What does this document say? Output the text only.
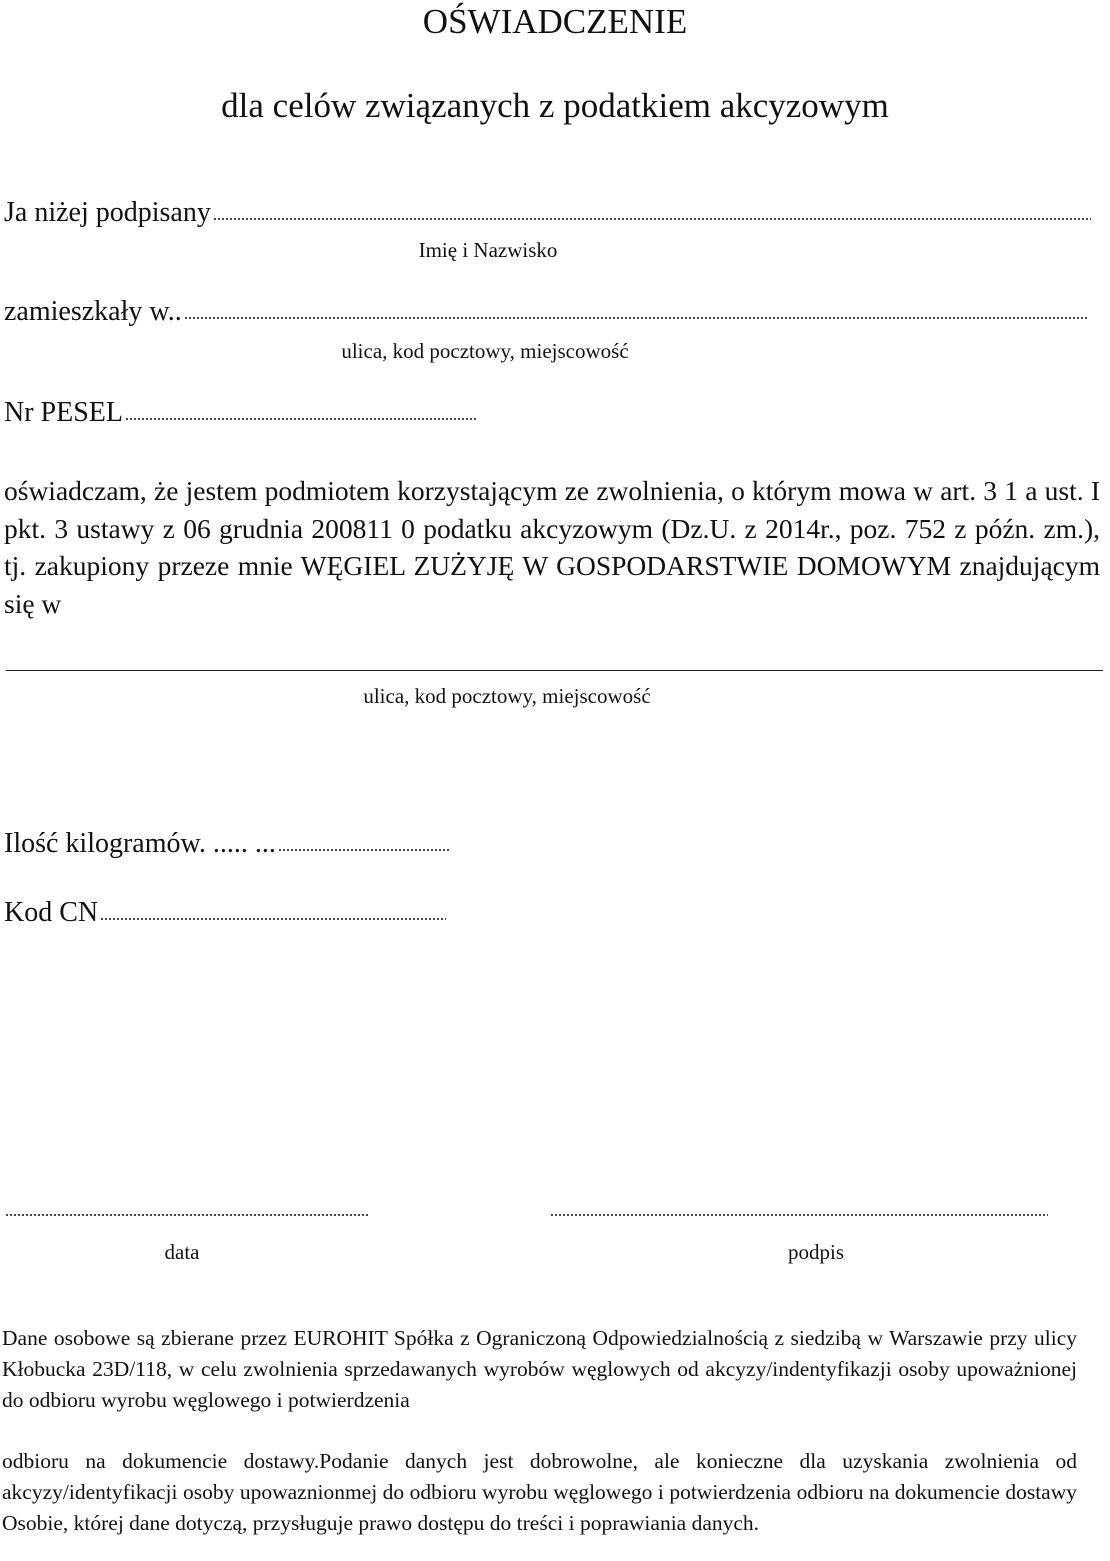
OŚWIADCZENIE
dla celów związanych z podatkiem akcyzowym
Ja niżej podpisany
Imię i Nazwisko
zamieszkały w..
ulica, kod pocztowy, miejscowość
Nr PESEL
oświadczam, że jestem podmiotem korzystającym ze zwolnienia, o którym mowa w art. 3 1 a ust. I pkt. 3 ustawy z 06 grudnia 200811 0 podatku akcyzowym (Dz.U. z 2014r., poz. 752 z późn. zm.), tj. zakupiony przeze mnie WĘGIEL ZUŻYJĘ W GOSPODARSTWIE DOMOWYM znajdującym się w
ulica, kod pocztowy, miejscowość
Ilość kilogramów. ..... ...
Kod CN
data	podpis
Dane osobowe są zbierane przez EUROHIT Spółka z Ograniczoną Odpowiedzialnością z siedzibą w Warszawie przy ulicy Kłobucka 23D/118, w celu zwolnienia sprzedawanych wyrobów węglowych od akcyzy/indentyfikazji osoby upoważnionej do odbioru wyrobu węglowego i potwierdzenia
odbioru na dokumencie dostawy.Podanie danych jest dobrowolne, ale konieczne dla uzyskania zwolnienia od akcyzy/identyfikacji osoby upowaznionmej do odbioru wyrobu węglowego i potwierdzenia odbioru na dokumencie dostawy Osobie, której dane dotyczą, przysługuje prawo dostępu do treści i poprawiania danych.
